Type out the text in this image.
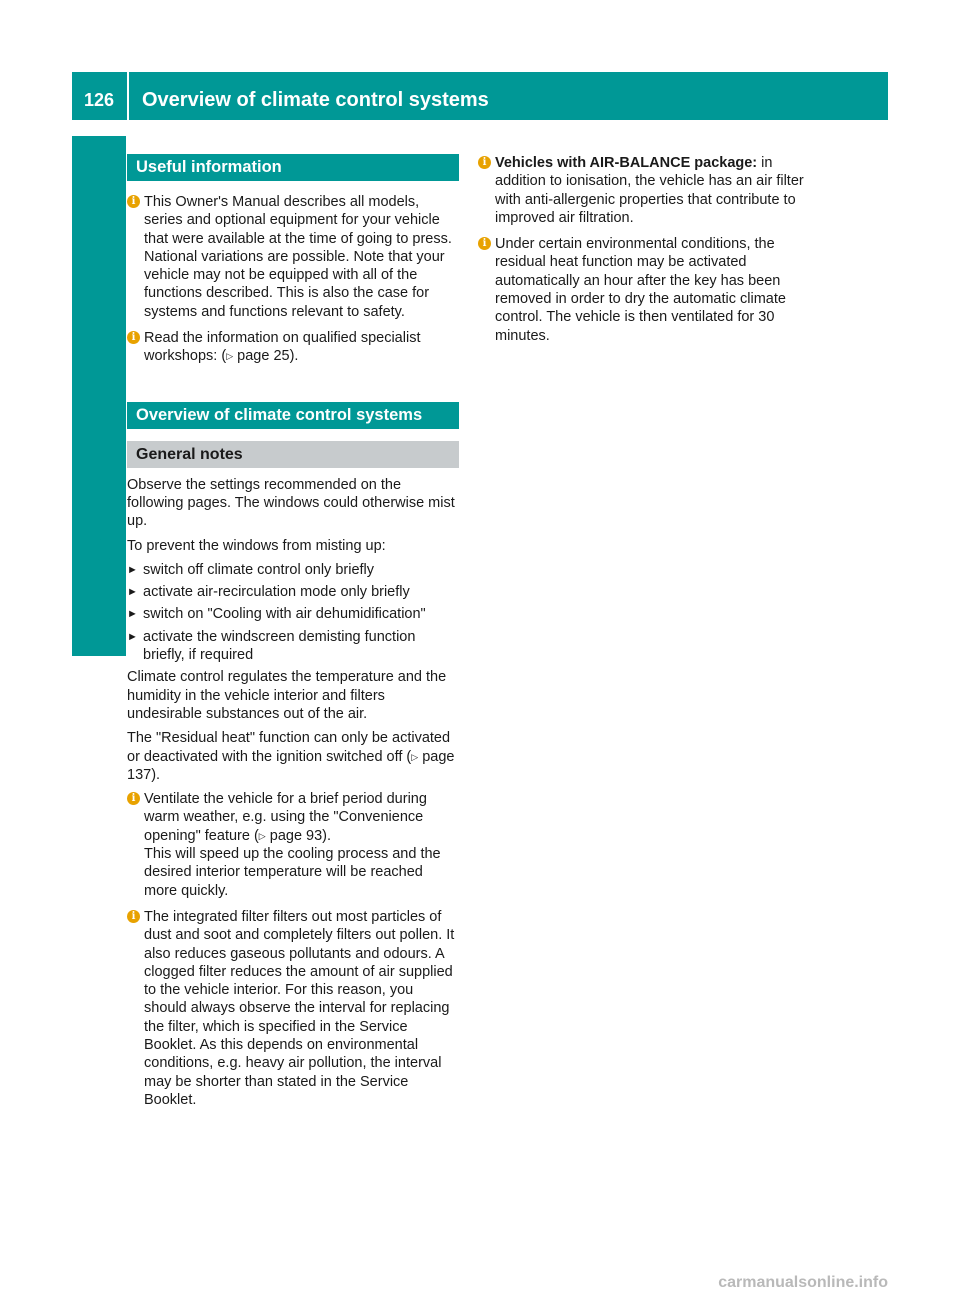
126	Overview of climate control systems
Climate control
Useful information
i This Owner's Manual describes all models, series and optional equipment for your vehicle that were available at the time of going to press. National variations are possible. Note that your vehicle may not be equipped with all of the functions described. This is also the case for systems and functions relevant to safety.
i Read the information on qualified specialist workshops: (▷ page 25).
Overview of climate control systems
General notes
Observe the settings recommended on the following pages. The windows could otherwise mist up.
To prevent the windows from misting up:
► switch off climate control only briefly
► activate air-recirculation mode only briefly
► switch on "Cooling with air dehumidification"
► activate the windscreen demisting function briefly, if required
Climate control regulates the temperature and the humidity in the vehicle interior and filters undesirable substances out of the air.
The "Residual heat" function can only be activated or deactivated with the ignition switched off (▷ page 137).
i Ventilate the vehicle for a brief period during warm weather, e.g. using the "Convenience opening" feature (▷ page 93).
This will speed up the cooling process and the desired interior temperature will be reached more quickly.
i The integrated filter filters out most particles of dust and soot and completely filters out pollen. It also reduces gaseous pollutants and odours. A clogged filter reduces the amount of air supplied to the vehicle interior. For this reason, you should always observe the interval for replacing the filter, which is specified in the Service Booklet. As this depends on environmental conditions, e.g. heavy air pollution, the interval may be shorter than stated in the Service Booklet.
i Vehicles with AIR-BALANCE package: in addition to ionisation, the vehicle has an air filter with anti-allergenic properties that contribute to improved air filtration.
i Under certain environmental conditions, the residual heat function may be activated automatically an hour after the key has been removed in order to dry the automatic climate control. The vehicle is then ventilated for 30 minutes.
carmanualsonline.info
